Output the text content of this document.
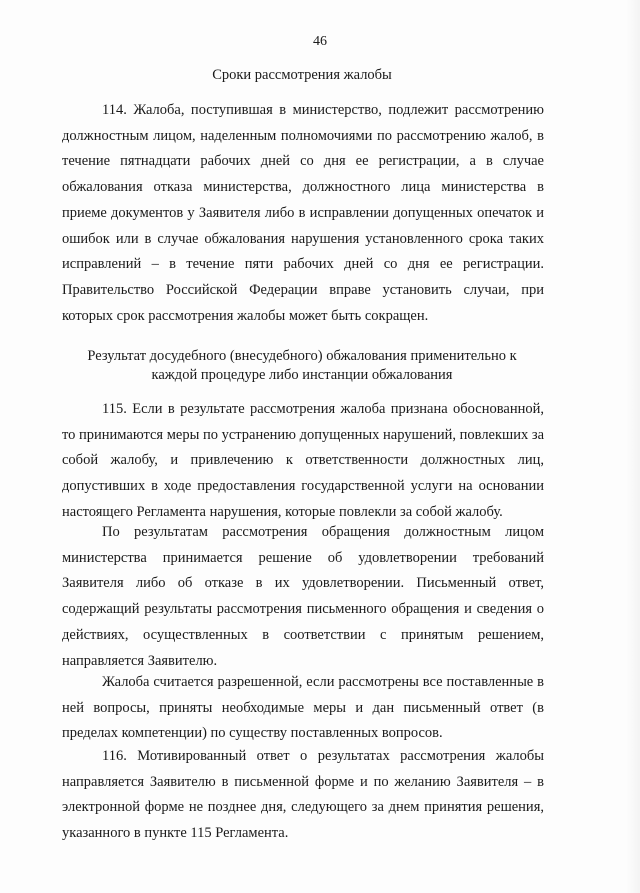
46
Сроки рассмотрения жалобы

114. Жалоба, поступившая в министерство, подлежит рассмотрению должностным лицом, наделенным полномочиями по рассмотрению жалоб, в течение пятнадцати рабочих дней со дня ее регистрации, а в случае обжалования отказа министерства, должностного лица министерства в приеме документов у Заявителя либо в исправлении допущенных опечаток и ошибок или в случае обжалования нарушения установленного срока таких исправлений – в течение пяти рабочих дней со дня ее регистрации. Правительство Российской Федерации вправе установить случаи, при которых срок рассмотрения жалобы может быть сокращен.

Результат досудебного (внесудебного) обжалования применительно к
каждой процедуре либо инстанции обжалования

115. Если в результате рассмотрения жалоба признана обоснованной, то принимаются меры по устранению допущенных нарушений, повлекших за собой жалобу, и привлечению к ответственности должностных лиц, допустивших в ходе предоставления государственной услуги на основании настоящего Регламента нарушения, которые повлекли за собой жалобу.

По результатам рассмотрения обращения должностным лицом министерства принимается решение об удовлетворении требований Заявителя либо об отказе в их удовлетворении. Письменный ответ, содержащий результаты рассмотрения письменного обращения и сведения о действиях, осуществленных в соответствии с принятым решением, направляется Заявителю.

Жалоба считается разрешенной, если рассмотрены все поставленные в ней вопросы, приняты необходимые меры и дан письменный ответ (в пределах компетенции) по существу поставленных вопросов.

116. Мотивированный ответ о результатах рассмотрения жалобы направляется Заявителю в письменной форме и по желанию Заявителя – в электронной форме не позднее дня, следующего за днем принятия решения, указанного в пункте 115 Регламента.
